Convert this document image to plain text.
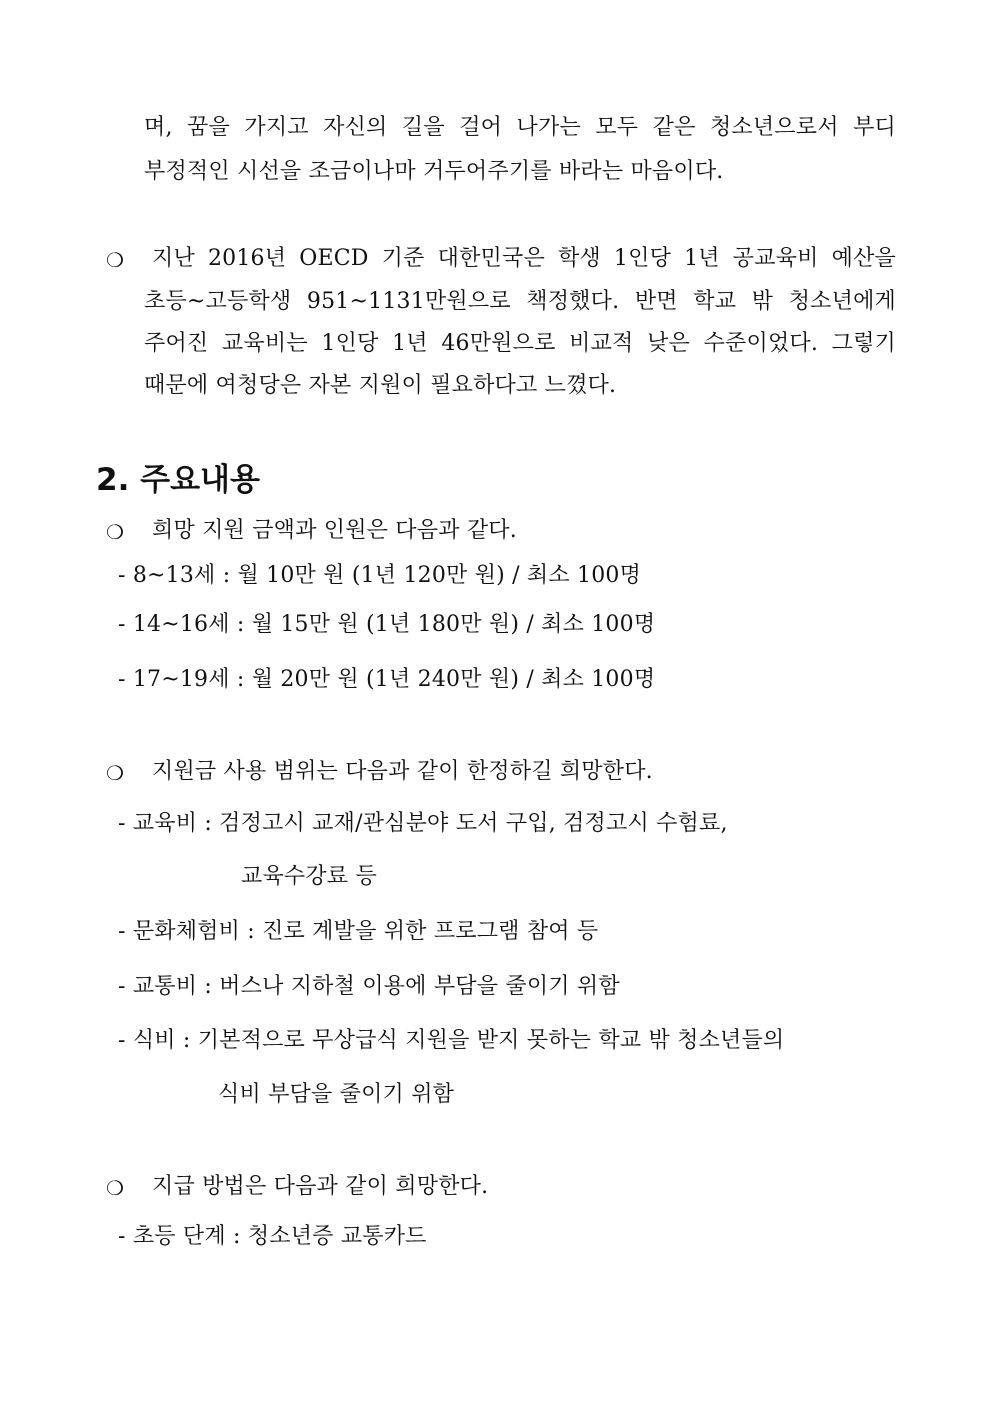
며, 꿈을 가지고 자신의 길을 걸어 나가는 모두 같은 청소년으로서 부디
부정적인 시선을 조금이나마 거두어주기를 바라는 마음이다.
❍ 지난 2016년 OECD 기준 대한민국은 학생 1인당 1년 공교육비 예산을
초등~고등학생 951~1131만원으로 책정했다. 반면 학교 밖 청소년에게
주어진 교육비는 1인당 1년 46만원으로 비교적 낮은 수준이었다. 그렇기
때문에 여청당은 자본 지원이 필요하다고 느꼈다.
2. 주요내용
❍ 희망 지원 금액과 인원은 다음과 같다.
- 8~13세 : 월 10만 원 (1년 120만 원) / 최소 100명
- 14~16세 : 월 15만 원 (1년 180만 원) / 최소 100명
- 17~19세 : 월 20만 원 (1년 240만 원) / 최소 100명
❍ 지원금 사용 범위는 다음과 같이 한정하길 희망한다.
- 교육비 : 검정고시 교재/관심분야 도서 구입, 검정고시 수험료,
교육수강료 등
- 문화체험비 : 진로 계발을 위한 프로그램 참여 등
- 교통비 : 버스나 지하철 이용에 부담을 줄이기 위함
- 식비 : 기본적으로 무상급식 지원을 받지 못하는 학교 밖 청소년들의
식비 부담을 줄이기 위함
❍ 지급 방법은 다음과 같이 희망한다.
- 초등 단계 : 청소년증 교통카드
